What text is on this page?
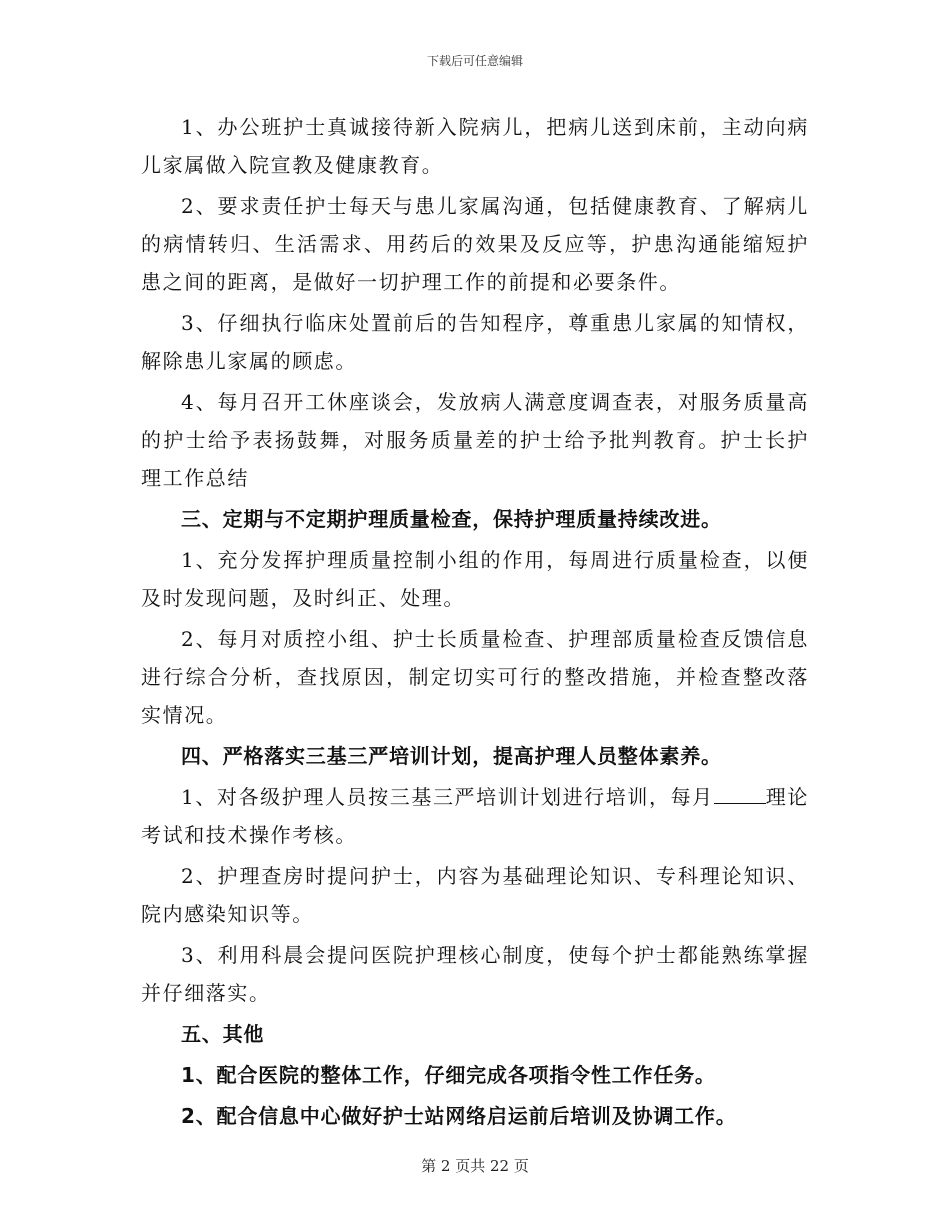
下载后可任意编辑

1、办公班护士真诚接待新入院病儿，把病儿送到床前，主动向病儿家属做入院宣教及健康教育。

2、要求责任护士每天与患儿家属沟通，包括健康教育、了解病儿的病情转归、生活需求、用药后的效果及反应等，护患沟通能缩短护患之间的距离，是做好一切护理工作的前提和必要条件。

3、仔细执行临床处置前后的告知程序，尊重患儿家属的知情权，解除患儿家属的顾虑。

4、每月召开工休座谈会，发放病人满意度调查表，对服务质量高的护士给予表扬鼓舞，对服务质量差的护士给予批判教育。护士长护理工作总结

三、定期与不定期护理质量检查，保持护理质量持续改进。

1、充分发挥护理质量控制小组的作用，每周进行质量检查，以便及时发现问题，及时纠正、处理。

2、每月对质控小组、护士长质量检查、护理部质量检查反馈信息进行综合分析，查找原因，制定切实可行的整改措施，并检查整改落实情况。

四、严格落实三基三严培训计划，提高护理人员整体素养。

1、对各级护理人员按三基三严培训计划进行培训，每月	理论考试和技术操作考核。

2、护理查房时提问护士，内容为基础理论知识、专科理论知识、院内感染知识等。

3、利用科晨会提问医院护理核心制度，使每个护士都能熟练掌握并仔细落实。

五、其他

1、配合医院的整体工作，仔细完成各项指令性工作任务。

2、配合信息中心做好护士站网络启运前后培训及协调工作。

第 2 页共 22 页
